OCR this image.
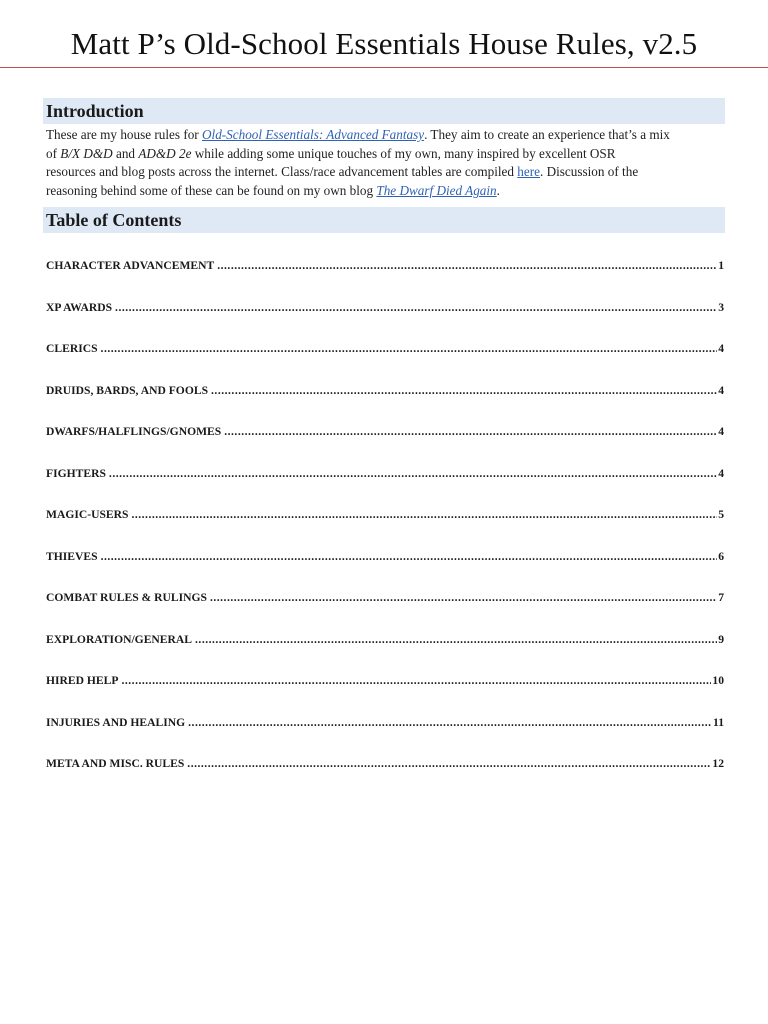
Matt P’s Old-School Essentials House Rules, v2.5
Introduction
These are my house rules for Old-School Essentials: Advanced Fantasy. They aim to create an experience that’s a mix
of B/X D&D and AD&D 2e while adding some unique touches of my own, many inspired by excellent OSR
resources and blog posts across the internet. Class/race advancement tables are compiled here. Discussion of the
reasoning behind some of these can be found on my own blog The Dwarf Died Again.
Table of Contents
CHARACTER ADVANCEMENT .....	1
XP AWARDS .....	3
CLERICS .....	4
DRUIDS, BARDS, AND FOOLS .....	4
DWARFS/HALFLINGS/GNOMES .....	4
FIGHTERS .....	4
MAGIC-USERS .....	5
THIEVES .....	6
COMBAT RULES & RULINGS .....	7
EXPLORATION/GENERAL .....	9
HIRED HELP .....	10
INJURIES AND HEALING .....	11
META AND MISC. RULES .....	12
